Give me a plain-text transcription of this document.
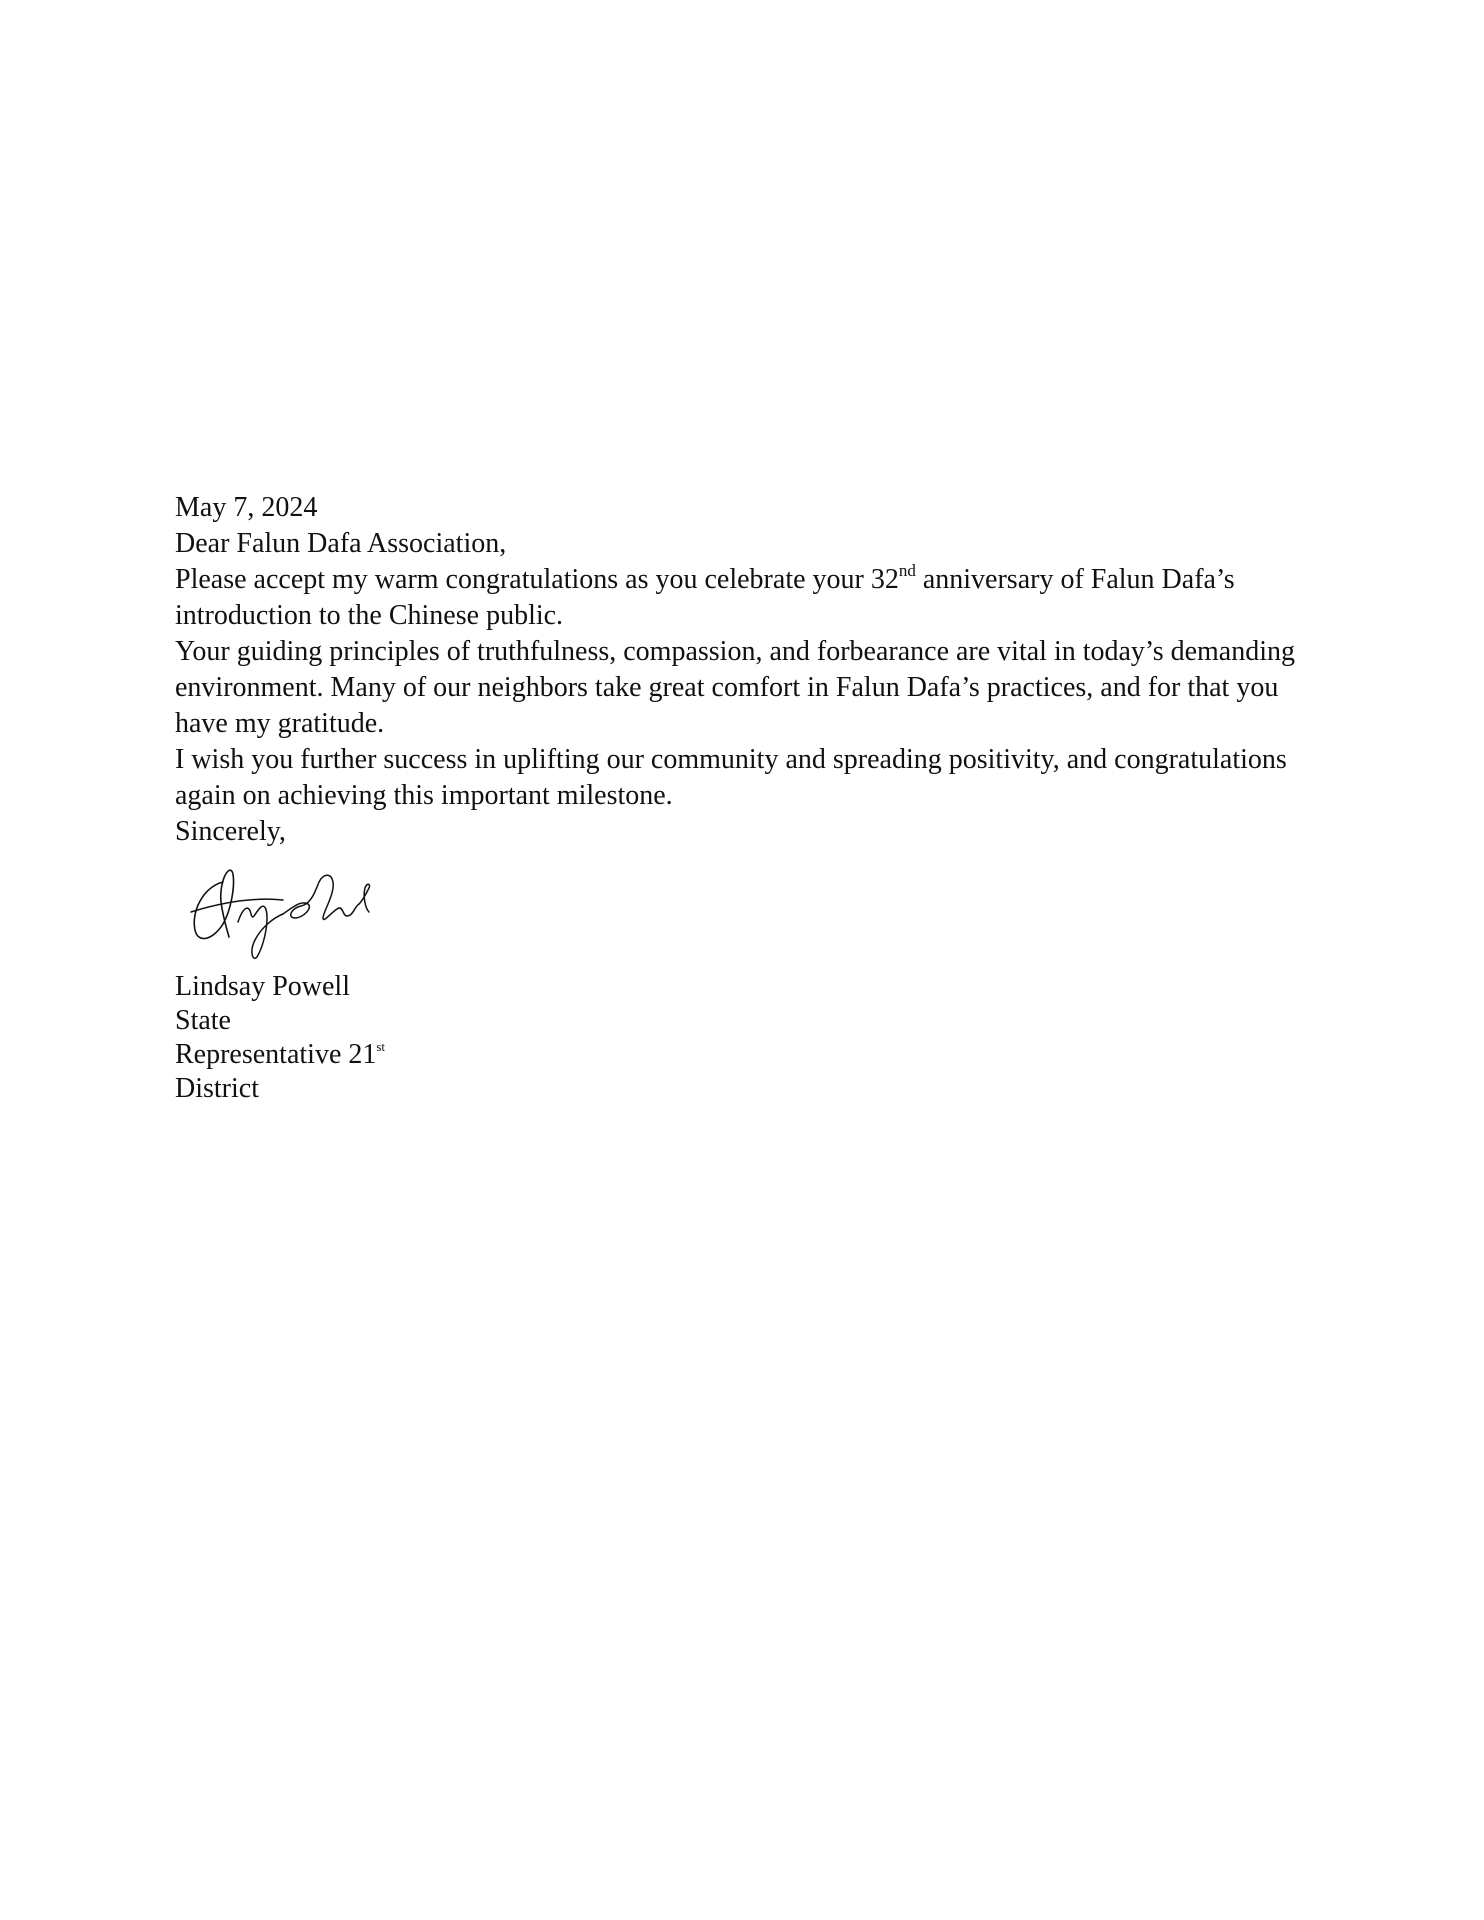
May 7, 2024

Dear Falun Dafa Association,

Please accept my warm congratulations as you celebrate your 32nd anniversary of Falun Dafa’s introduction to the Chinese public.

Your guiding principles of truthfulness, compassion, and forbearance are vital in today’s demanding environment. Many of our neighbors take great comfort in Falun Dafa’s practices, and for that you have my gratitude.

I wish you further success in uplifting our community and spreading positivity, and congratulations again on achieving this important milestone.

Sincerely,

Lindsay Powell

State

Representative 21st

District
